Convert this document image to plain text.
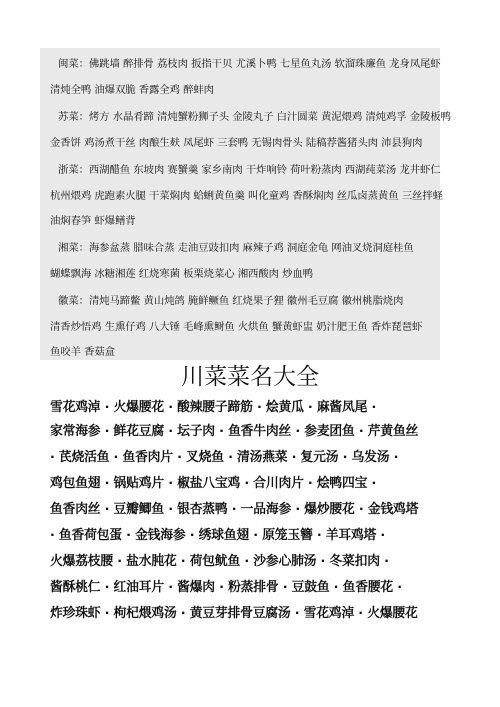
闽菜：佛跳墙 醉排骨 荔枝肉 扳指干贝 尤溪卜鸭 七星鱼丸汤 软溜珠廉鱼 龙身凤尾虾
清炖全鸭 油爆双脆 香露全鸡 醉蚌肉
苏菜：烤方 水晶肴蹄 清炖蟹粉狮子头 金陵丸子 白汁圆菜 黄泥煨鸡 清炖鸡孚 金陵板鸭
金香饼 鸡汤煮干丝 肉酿生麸 凤尾虾 三套鸭 无锡肉骨头 陆稿荐酱猪头肉 沛县狗肉
浙菜：西湖醋鱼 东坡肉 赛蟹羹 家乡南肉 干炸响铃 荷叶粉蒸肉 西湖莼菜汤 龙井虾仁
杭州煨鸡 虎跑素火腿 干菜焖肉 蛤蜊黄鱼羹 叫化童鸡 香酥焖肉 丝瓜卤蒸黄鱼 三丝拌蛏
油焖春笋 虾爆鳝背
湘菜：海参盆蒸 腊味合蒸 走油豆豉扣肉 麻辣子鸡 洞庭金龟 网油叉烧洞庭桂鱼
蝴蝶飘海 冰糖湘莲 红烧寒菌 板栗烧菜心 湘西酸肉 炒血鸭
徽菜：清炖马蹄鳖 黄山炖鸽 腌鲜鳜鱼 红烧果子狸 徽州毛豆腐 徽州桃脂烧肉
清香炒悟鸡 生熏仔鸡 八大锤 毛峰熏鲥鱼 火烘鱼 蟹黄虾盅 奶汁肥王鱼 香炸琵琶虾
鱼咬羊 香菇盒
川菜菜名大全
雪花鸡淖 · 火爆腰花 · 酸辣腰子蹄筋 · 烩黄瓜 · 麻酱凤尾 ·
家常海参 · 鲜花豆腐 · 坛子肉 · 鱼香牛肉丝 · 参麦团鱼 · 芹黄鱼丝
· 芪烧活鱼 · 鱼香肉片 · 叉烧鱼 · 清汤燕菜 · 复元汤 · 乌发汤 ·
鸡包鱼翅 · 锅贴鸡片 · 椒盐八宝鸡 · 合川肉片 · 烩鸭四宝 ·
鱼香肉丝 · 豆瓣鲫鱼 · 银杏蒸鸭 · 一品海参 · 爆炒腰花 · 金钱鸡塔
· 鱼香荷包蛋 · 金钱海参 · 绣球鱼翅 · 原笼玉簪 · 羊耳鸡塔 ·
火爆荔枝腰 · 盐水肫花 · 荷包鱿鱼 · 沙参心肺汤 · 冬菜扣肉 ·
酱酥桃仁 · 红油耳片 · 酱爆肉 · 粉蒸排骨 · 豆鼓鱼 · 鱼香腰花 ·
炸珍珠虾 · 枸杞煨鸡汤 · 黄豆芽排骨豆腐汤 · 雪花鸡淖 · 火爆腰花
